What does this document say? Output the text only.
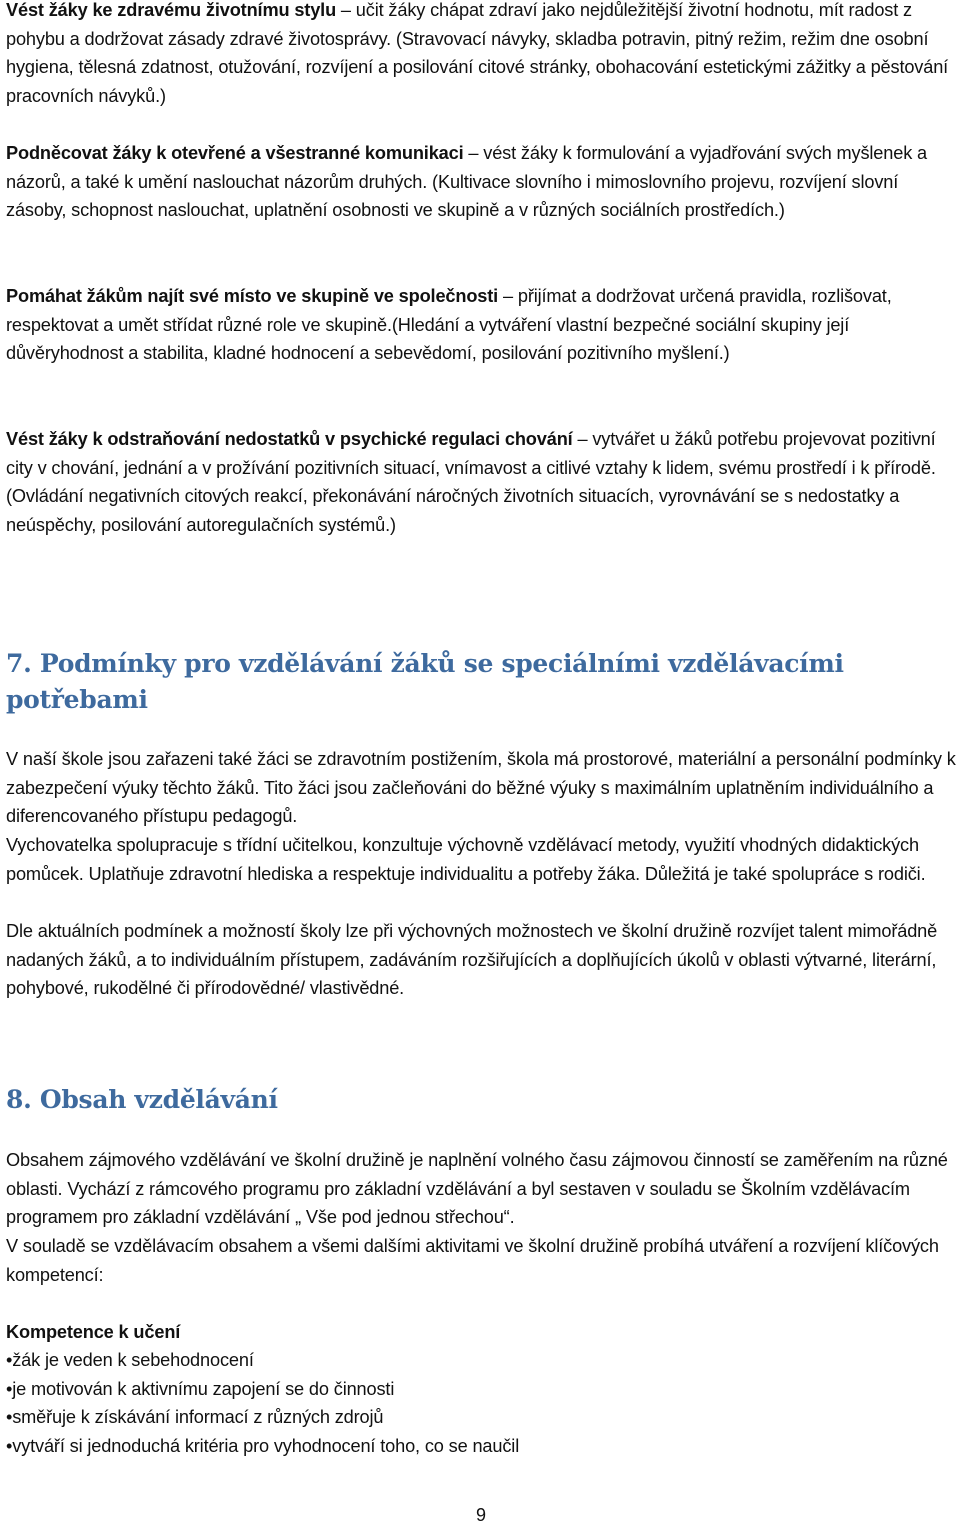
Vést žáky ke zdravému životnímu stylu – učit žáky chápat zdraví jako nejdůležitější životní hodnotu, mít radost z pohybu a dodržovat zásady zdravé životosprávy. (Stravovací návyky, skladba potravin, pitný režim, režim dne osobní hygiena, tělesná zdatnost, otužování, rozvíjení a posilování citové stránky, obohacování estetickými zážitky a pěstování pracovních návyků.)

Podněcovat žáky k otevřené a všestranné komunikaci – vést žáky k formulování a vyjadřování svých myšlenek a názorů, a také k umění naslouchat názorům druhých. (Kultivace slovního i mimoslovního projevu, rozvíjení slovní zásoby, schopnost naslouchat, uplatnění osobnosti ve skupině a v různých sociálních prostředích.)

Pomáhat žákům najít své místo ve skupině ve společnosti – přijímat a dodržovat určená pravidla, rozlišovat, respektovat a umět střídat různé role ve skupině.(Hledání a vytváření vlastní bezpečné sociální skupiny její důvěryhodnost a stabilita, kladné hodnocení a sebevědomí, posilování pozitivního myšlení.)

Vést žáky k odstraňování nedostatků v psychické regulaci chování – vytvářet u žáků potřebu projevovat pozitivní city v chování, jednání a v prožívání pozitivních situací, vnímavost a citlivé vztahy k lidem, svému prostředí i k přírodě. (Ovládání negativních citových reakcí, překonávání náročných životních situacích, vyrovnávání se s nedostatky a neúspěchy, posilování autoregulačních systémů.)

7. Podmínky pro vzdělávání žáků se speciálními vzdělávacími potřebami

V naší škole jsou zařazeni také žáci se zdravotním postižením, škola má prostorové, materiální a personální podmínky k zabezpečení výuky těchto žáků. Tito žáci jsou začleňováni do běžné výuky s maximálním uplatněním individuálního a diferencovaného přístupu pedagogů.

Vychovatelka spolupracuje s třídní učitelkou, konzultuje výchovně vzdělávací metody, využití vhodných didaktických pomůcek. Uplatňuje zdravotní hlediska a respektuje individualitu a potřeby žáka. Důležitá je také spolupráce s rodiči.

Dle aktuálních podmínek a možností školy lze při výchovných možnostech ve školní družině rozvíjet talent mimořádně nadaných žáků, a to individuálním přístupem, zadáváním rozšiřujících a doplňujících úkolů v oblasti výtvarné, literární, pohybové, rukodělné či přírodovědné/ vlastivědné.

8. Obsah vzdělávání

Obsahem zájmového vzdělávání ve školní družině je naplnění volného času zájmovou činností se zaměřením na různé oblasti. Vychází z rámcového programu pro základní vzdělávání a byl sestaven v souladu se Školním vzdělávacím programem pro základní vzdělávání „ Vše pod jednou střechou“.

V souladě se vzdělávacím obsahem a všemi dalšími aktivitami ve školní družině probíhá utváření a rozvíjení klíčových kompetencí:

Kompetence k učení

•žák je veden k sebehodnocení
•je motivován k aktivnímu zapojení se do činnosti
•směřuje k získávání informací z různých zdrojů
•vytváří si jednoduchá kritéria pro vyhodnocení toho, co se naučil
9
